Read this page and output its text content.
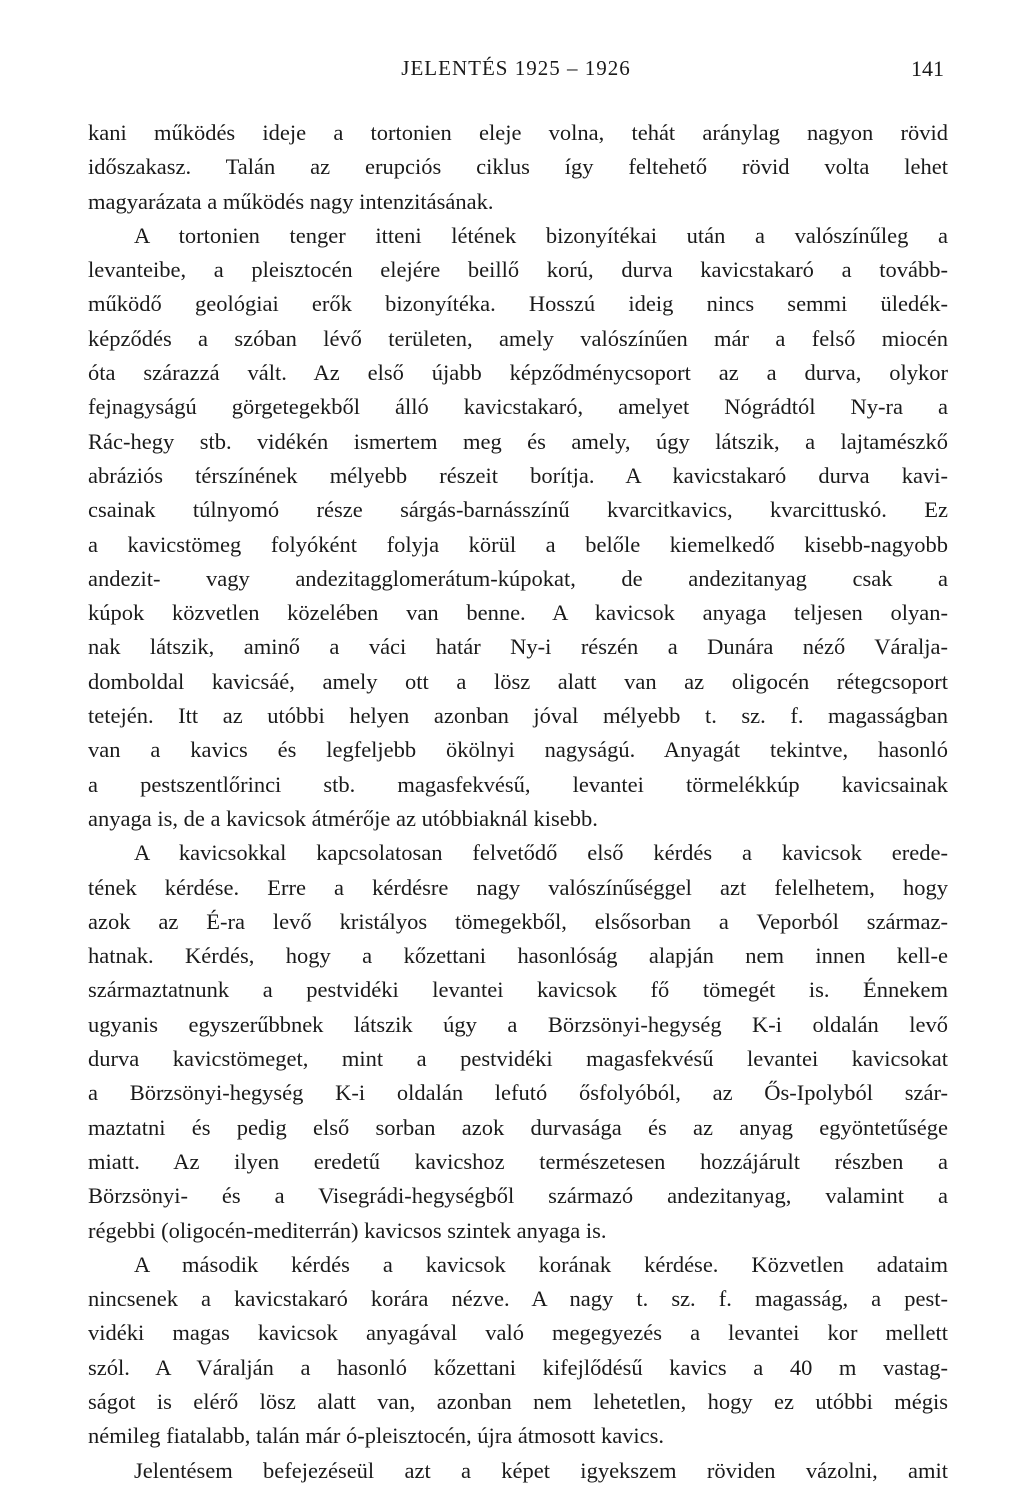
JELENTÉS 1925 – 1926	141
kani működés ideje a tortonien eleje volna, tehát aránylag nagyon rövid
időszakasz. Talán az erupciós ciklus így feltehető rövid volta lehet
magyarázata a működés nagy intenzitásának.
A tortonien tenger itteni létének bizonyítékai után a valószínűleg a
levanteibe, a pleisztocén elejére beillő korú, durva kavicstakaró a tovább-
működő geológiai erők bizonyítéka. Hosszú ideig nincs semmi üledék-
képződés a szóban lévő területen, amely valószínűen már a felső miocén
óta szárazzá vált. Az első újabb képződménycsoport az a durva, olykor
fejnagyságú görgetegekből álló kavicstakaró, amelyet Nógrádtól Ny-ra a
Rác-hegy stb. vidékén ismertem meg és amely, úgy látszik, a lajtamészkő
abráziós térszínének mélyebb részeit borítja. A kavicstakaró durva kavi-
csainak túlnyomó része sárgás-barnásszínű kvarcitkavics, kvarcittuskó. Ez
a kavicstömeg folyóként folyja körül a belőle kiemelkedő kisebb-nagyobb
andezit- vagy andezitagglomerátum-kúpokat, de andezitanyag csak a
kúpok közvetlen közelében van benne. A kavicsok anyaga teljesen olyan-
nak látszik, aminő a váci határ Ny-i részén a Dunára néző Váralja-
domboldal kavicsáé, amely ott a lösz alatt van az oligocén rétegcsoport
tetején. Itt az utóbbi helyen azonban jóval mélyebb t. sz. f. magasságban
van a kavics és legfeljebb ökölnyi nagyságú. Anyagát tekintve, hasonló
a pestszentlőrinci stb. magasfekvésű, levantei törmelékkúp kavicsainak
anyaga is, de a kavicsok átmérője az utóbbiaknál kisebb.
A kavicsokkal kapcsolatosan felvetődő első kérdés a kavicsok erede-
tének kérdése. Erre a kérdésre nagy valószínűséggel azt felelhetem, hogy
azok az É-ra levő kristályos tömegekből, elsősorban a Veporból származ-
hatnak. Kérdés, hogy a kőzettani hasonlóság alapján nem innen kell-e
származtatnunk a pestvidéki levantei kavicsok fő tömegét is. Énnekem
ugyanis egyszerűbbnek látszik úgy a Börzsönyi-hegység K-i oldalán levő
durva kavicstömeget, mint a pestvidéki magasfekvésű levantei kavicsokat
a Börzsönyi-hegység K-i oldalán lefutó ősfolyóból, az Ős-Ipolyból szár-
maztatni és pedig első sorban azok durvasága és az anyag egyöntetűsége
miatt. Az ilyen eredetű kavicshoz természetesen hozzájárult részben a
Börzsönyi- és a Visegrádi-hegységből származó andezitanyag, valamint a
régebbi (oligocén-mediterrán) kavicsos szintek anyaga is.
A második kérdés a kavicsok korának kérdése. Közvetlen adataim
nincsenek a kavicstakaró korára nézve. A nagy t. sz. f. magasság, a pest-
vidéki magas kavicsok anyagával való megegyezés a levantei kor mellett
szól. A Váralján a hasonló kőzettani kifejlődésű kavics a 40 m vastag-
ságot is elérő lösz alatt van, azonban nem lehetetlen, hogy ez utóbbi mégis
némileg fiatalabb, talán már ó-pleisztocén, újra átmosott kavics.
Jelentésem befejezéseül azt a képet igyekszem röviden vázolni, amit
